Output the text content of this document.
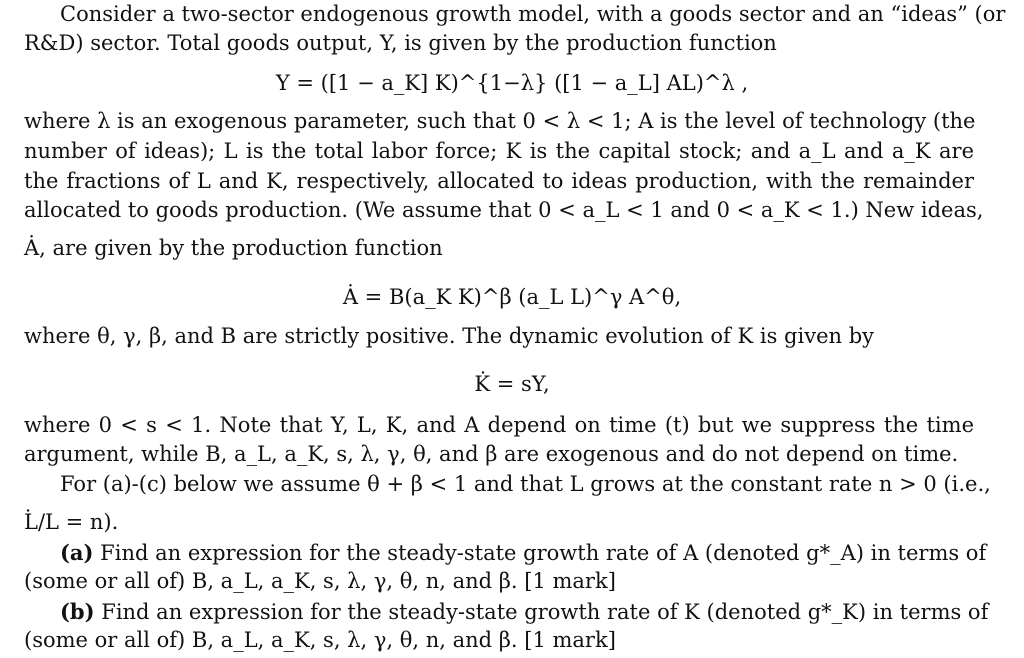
Consider a two-sector endogenous growth model, with a goods sector and an “ideas” (or
R&D) sector. Total goods output, Y, is given by the production function
Y = ([1 − a_K] K)^{1−λ} ([1 − a_L] AL)^λ ,
where λ is an exogenous parameter, such that 0 < λ < 1; A is the level of technology (the
number of ideas); L is the total labor force; K is the capital stock; and a_L and a_K are
the fractions of L and K, respectively, allocated to ideas production, with the remainder
allocated to goods production. (We assume that 0 < a_L < 1 and 0 < a_K < 1.) New ideas,
Ȧ, are given by the production function
Ȧ = B(a_K K)^β (a_L L)^γ A^θ,
where θ, γ, β, and B are strictly positive. The dynamic evolution of K is given by
K̇ = sY,
where 0 < s < 1. Note that Y, L, K, and A depend on time (t) but we suppress the time
argument, while B, a_L, a_K, s, λ, γ, θ, and β are exogenous and do not depend on time.
For (a)-(c) below we assume θ + β < 1 and that L grows at the constant rate n > 0 (i.e.,
L̇/L = n).
(a) Find an expression for the steady-state growth rate of A (denoted g*_A) in terms of
(some or all of) B, a_L, a_K, s, λ, γ, θ, n, and β. [1 mark]
(b) Find an expression for the steady-state growth rate of K (denoted g*_K) in terms of
(some or all of) B, a_L, a_K, s, λ, γ, θ, n, and β. [1 mark]
